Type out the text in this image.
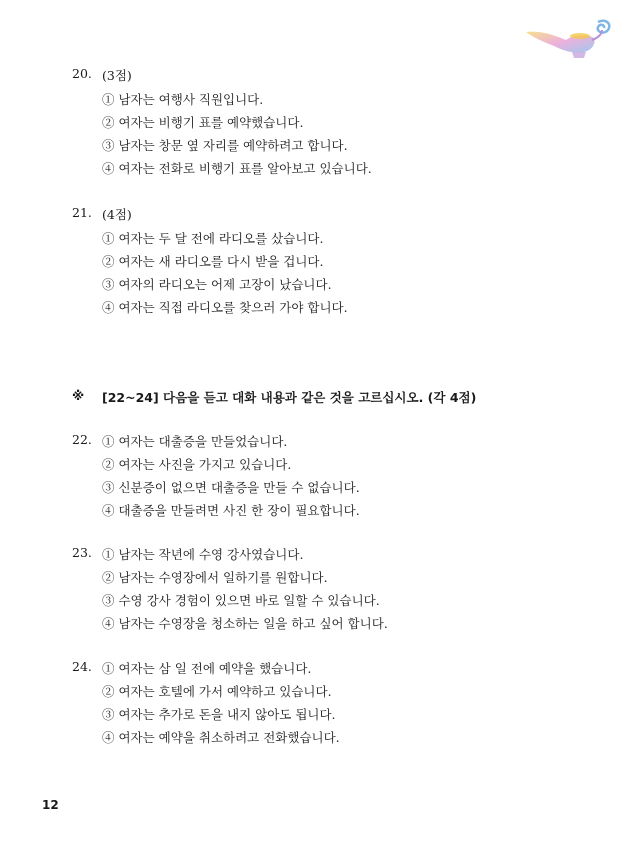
20. (3점)
① 남자는 여행사 직원입니다.
② 여자는 비행기 표를 예약했습니다.
③ 남자는 창문 옆 자리를 예약하려고 합니다.
④ 여자는 전화로 비행기 표를 알아보고 있습니다.
21. (4점)
① 여자는 두 달 전에 라디오를 샀습니다.
② 여자는 새 라디오를 다시 받을 겁니다.
③ 여자의 라디오는 어제 고장이 났습니다.
④ 여자는 직접 라디오를 찾으러 가야 합니다.
※ [22~24] 다음을 듣고 대화 내용과 같은 것을 고르십시오. (각 4점)
22. ① 여자는 대출증을 만들었습니다.
② 여자는 사진을 가지고 있습니다.
③ 신분증이 없으면 대출증을 만들 수 없습니다.
④ 대출증을 만들려면 사진 한 장이 필요합니다.
23. ① 남자는 작년에 수영 강사였습니다.
② 남자는 수영장에서 일하기를 원합니다.
③ 수영 강사 경험이 있으면 바로 일할 수 있습니다.
④ 남자는 수영장을 청소하는 일을 하고 싶어 합니다.
24. ① 여자는 삼 일 전에 예약을 했습니다.
② 여자는 호텔에 가서 예약하고 있습니다.
③ 여자는 추가로 돈을 내지 않아도 됩니다.
④ 여자는 예약을 취소하려고 전화했습니다.
12
